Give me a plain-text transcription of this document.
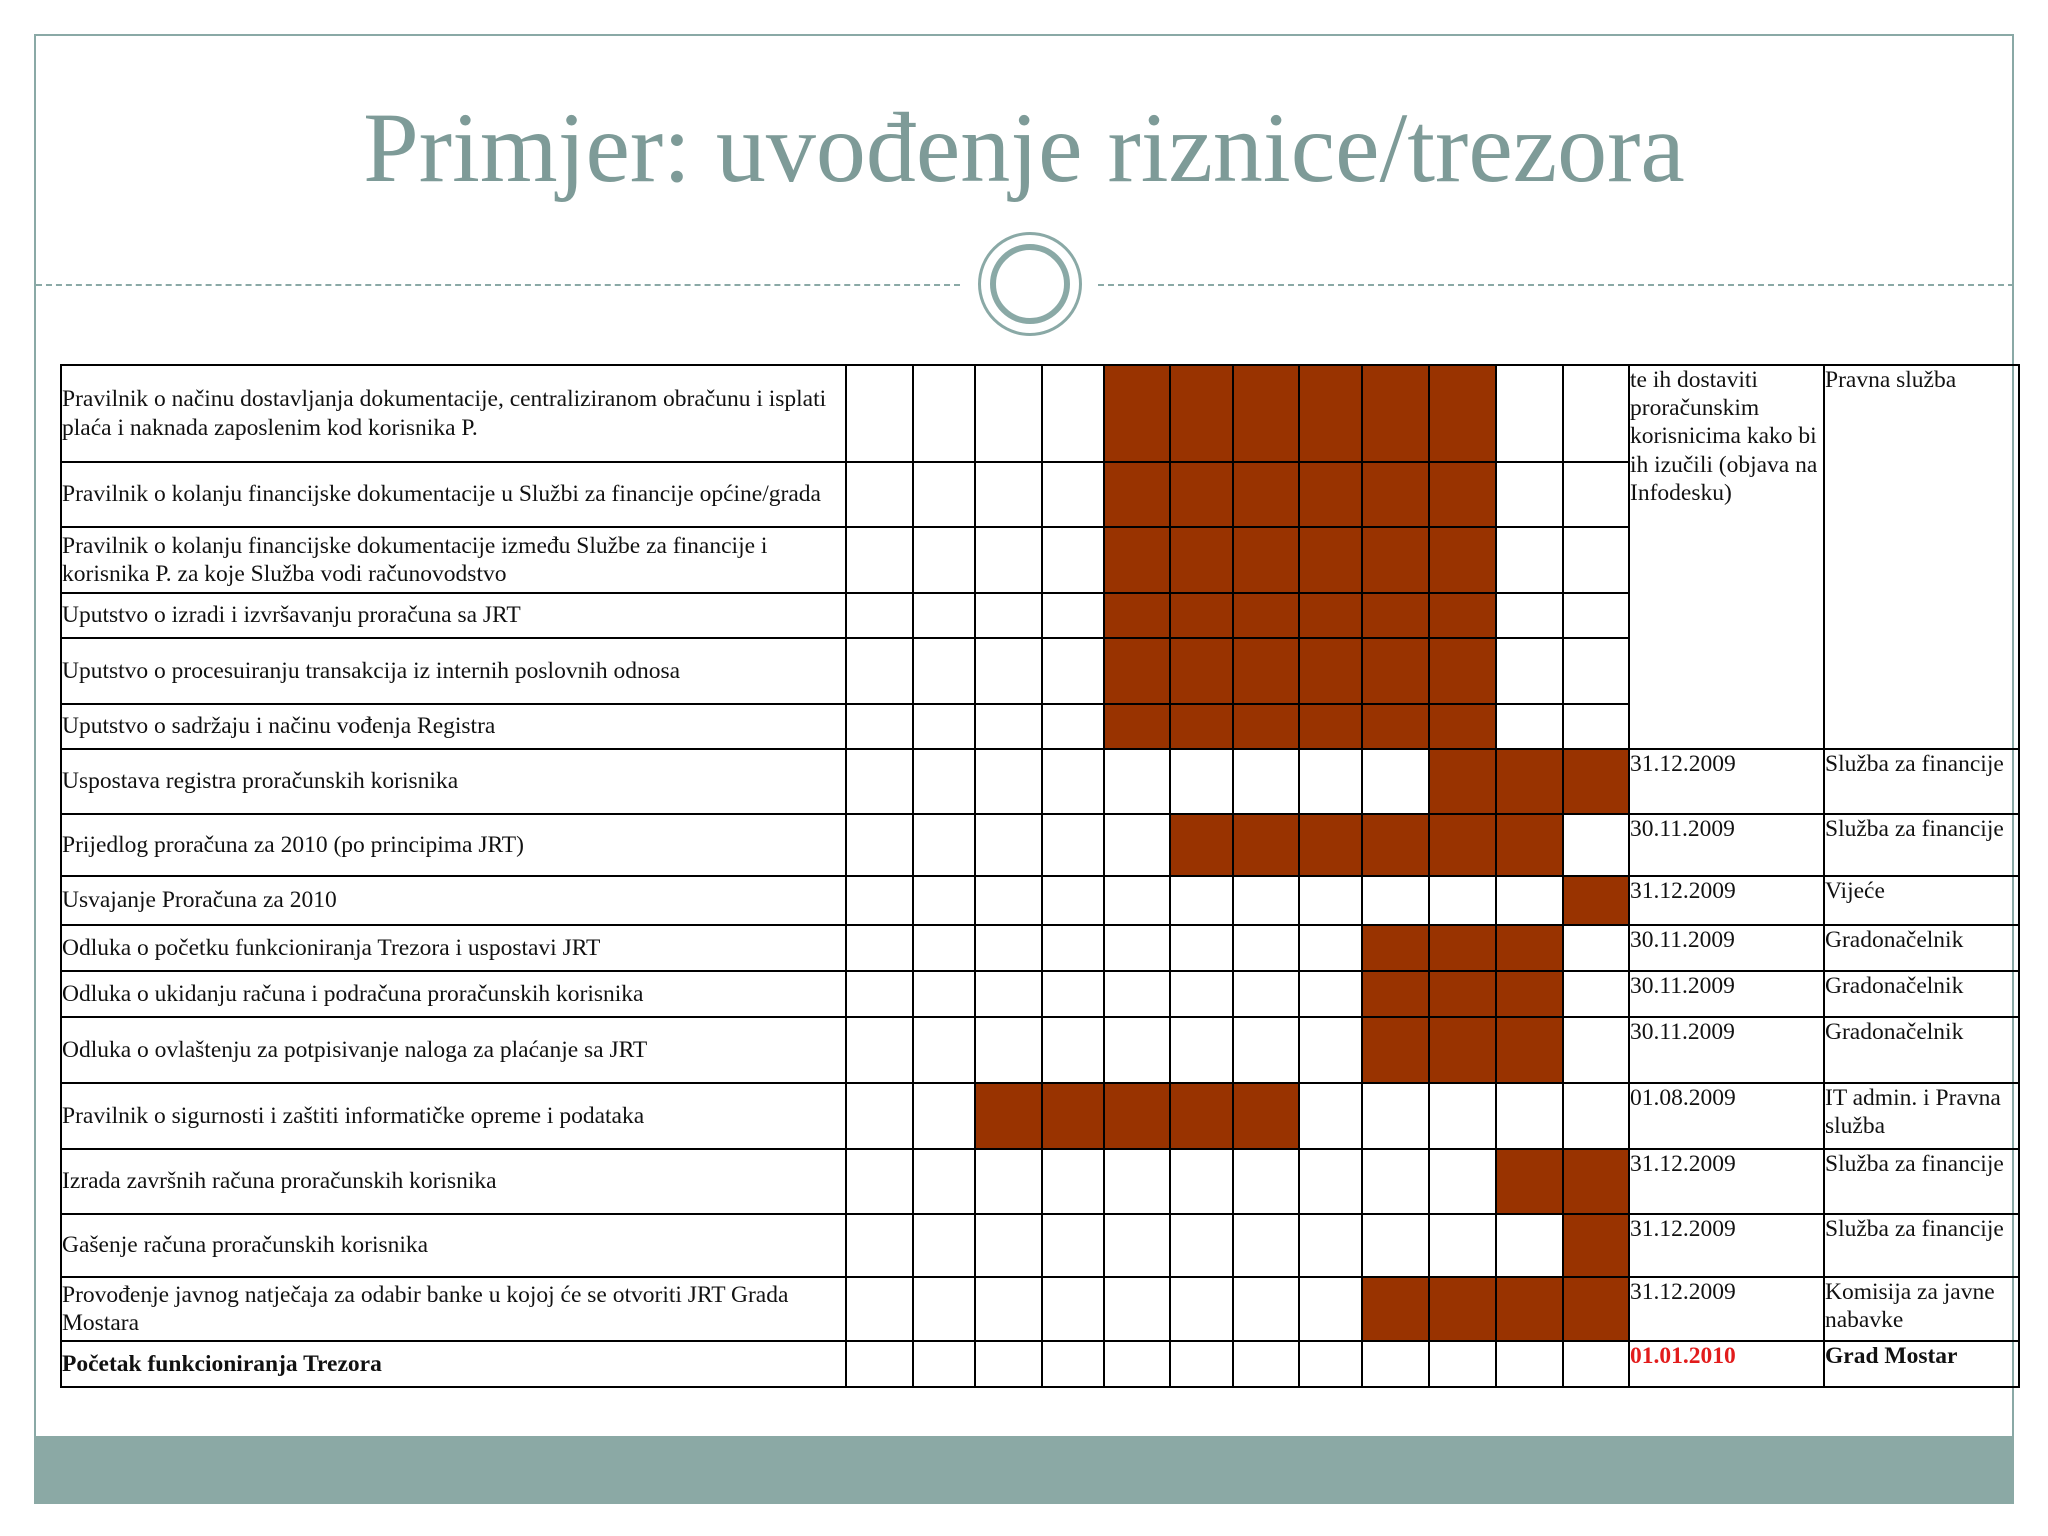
Primjer: uvođenje riznice/trezora
Pravilnik o načinu dostavljanja dokumentacije, centraliziranom obračunu i isplati plaća i naknada zaposlenim kod korisnika P.													te ih dostaviti proračunskim korisnicima kako bi ih izučili (objava na Infodesku)	Pravna služba
Pravilnik o kolanju financijske dokumentacije u Službi za financije općine/grada														
Pravilnik o kolanju financijske dokumentacije između Službe za financije i korisnika P. za koje Služba vodi računovodstvo														
Uputstvo o izradi i izvršavanju proračuna sa JRT														
Uputstvo o procesuiranju transakcija iz internih poslovnih odnosa														
Uputstvo o sadržaju i načinu vođenja Registra														
Uspostava registra proračunskih korisnika													31.12.2009	Služba za financije
Prijedlog proračuna za 2010 (po principima JRT)													30.11.2009	Služba za financije
Usvajanje Proračuna za 2010													31.12.2009	Vijeće
Odluka o početku funkcioniranja Trezora i uspostavi JRT													30.11.2009	Gradonačelnik
Odluka o ukidanju računa i podračuna proračunskih korisnika													30.11.2009	Gradonačelnik
Odluka o ovlaštenju za potpisivanje naloga za plaćanje sa JRT													30.11.2009	Gradonačelnik
Pravilnik o sigurnosti i zaštiti informatičke opreme i podataka													01.08.2009	IT admin. i Pravna služba
Izrada završnih računa proračunskih korisnika													31.12.2009	Služba za financije
Gašenje računa proračunskih korisnika													31.12.2009	Služba za financije
Provođenje javnog natječaja za odabir banke u kojoj će se otvoriti JRT Grada Mostara													31.12.2009	Komisija za javne nabavke
Početak funkcioniranja Trezora													01.01.2010	Grad Mostar
